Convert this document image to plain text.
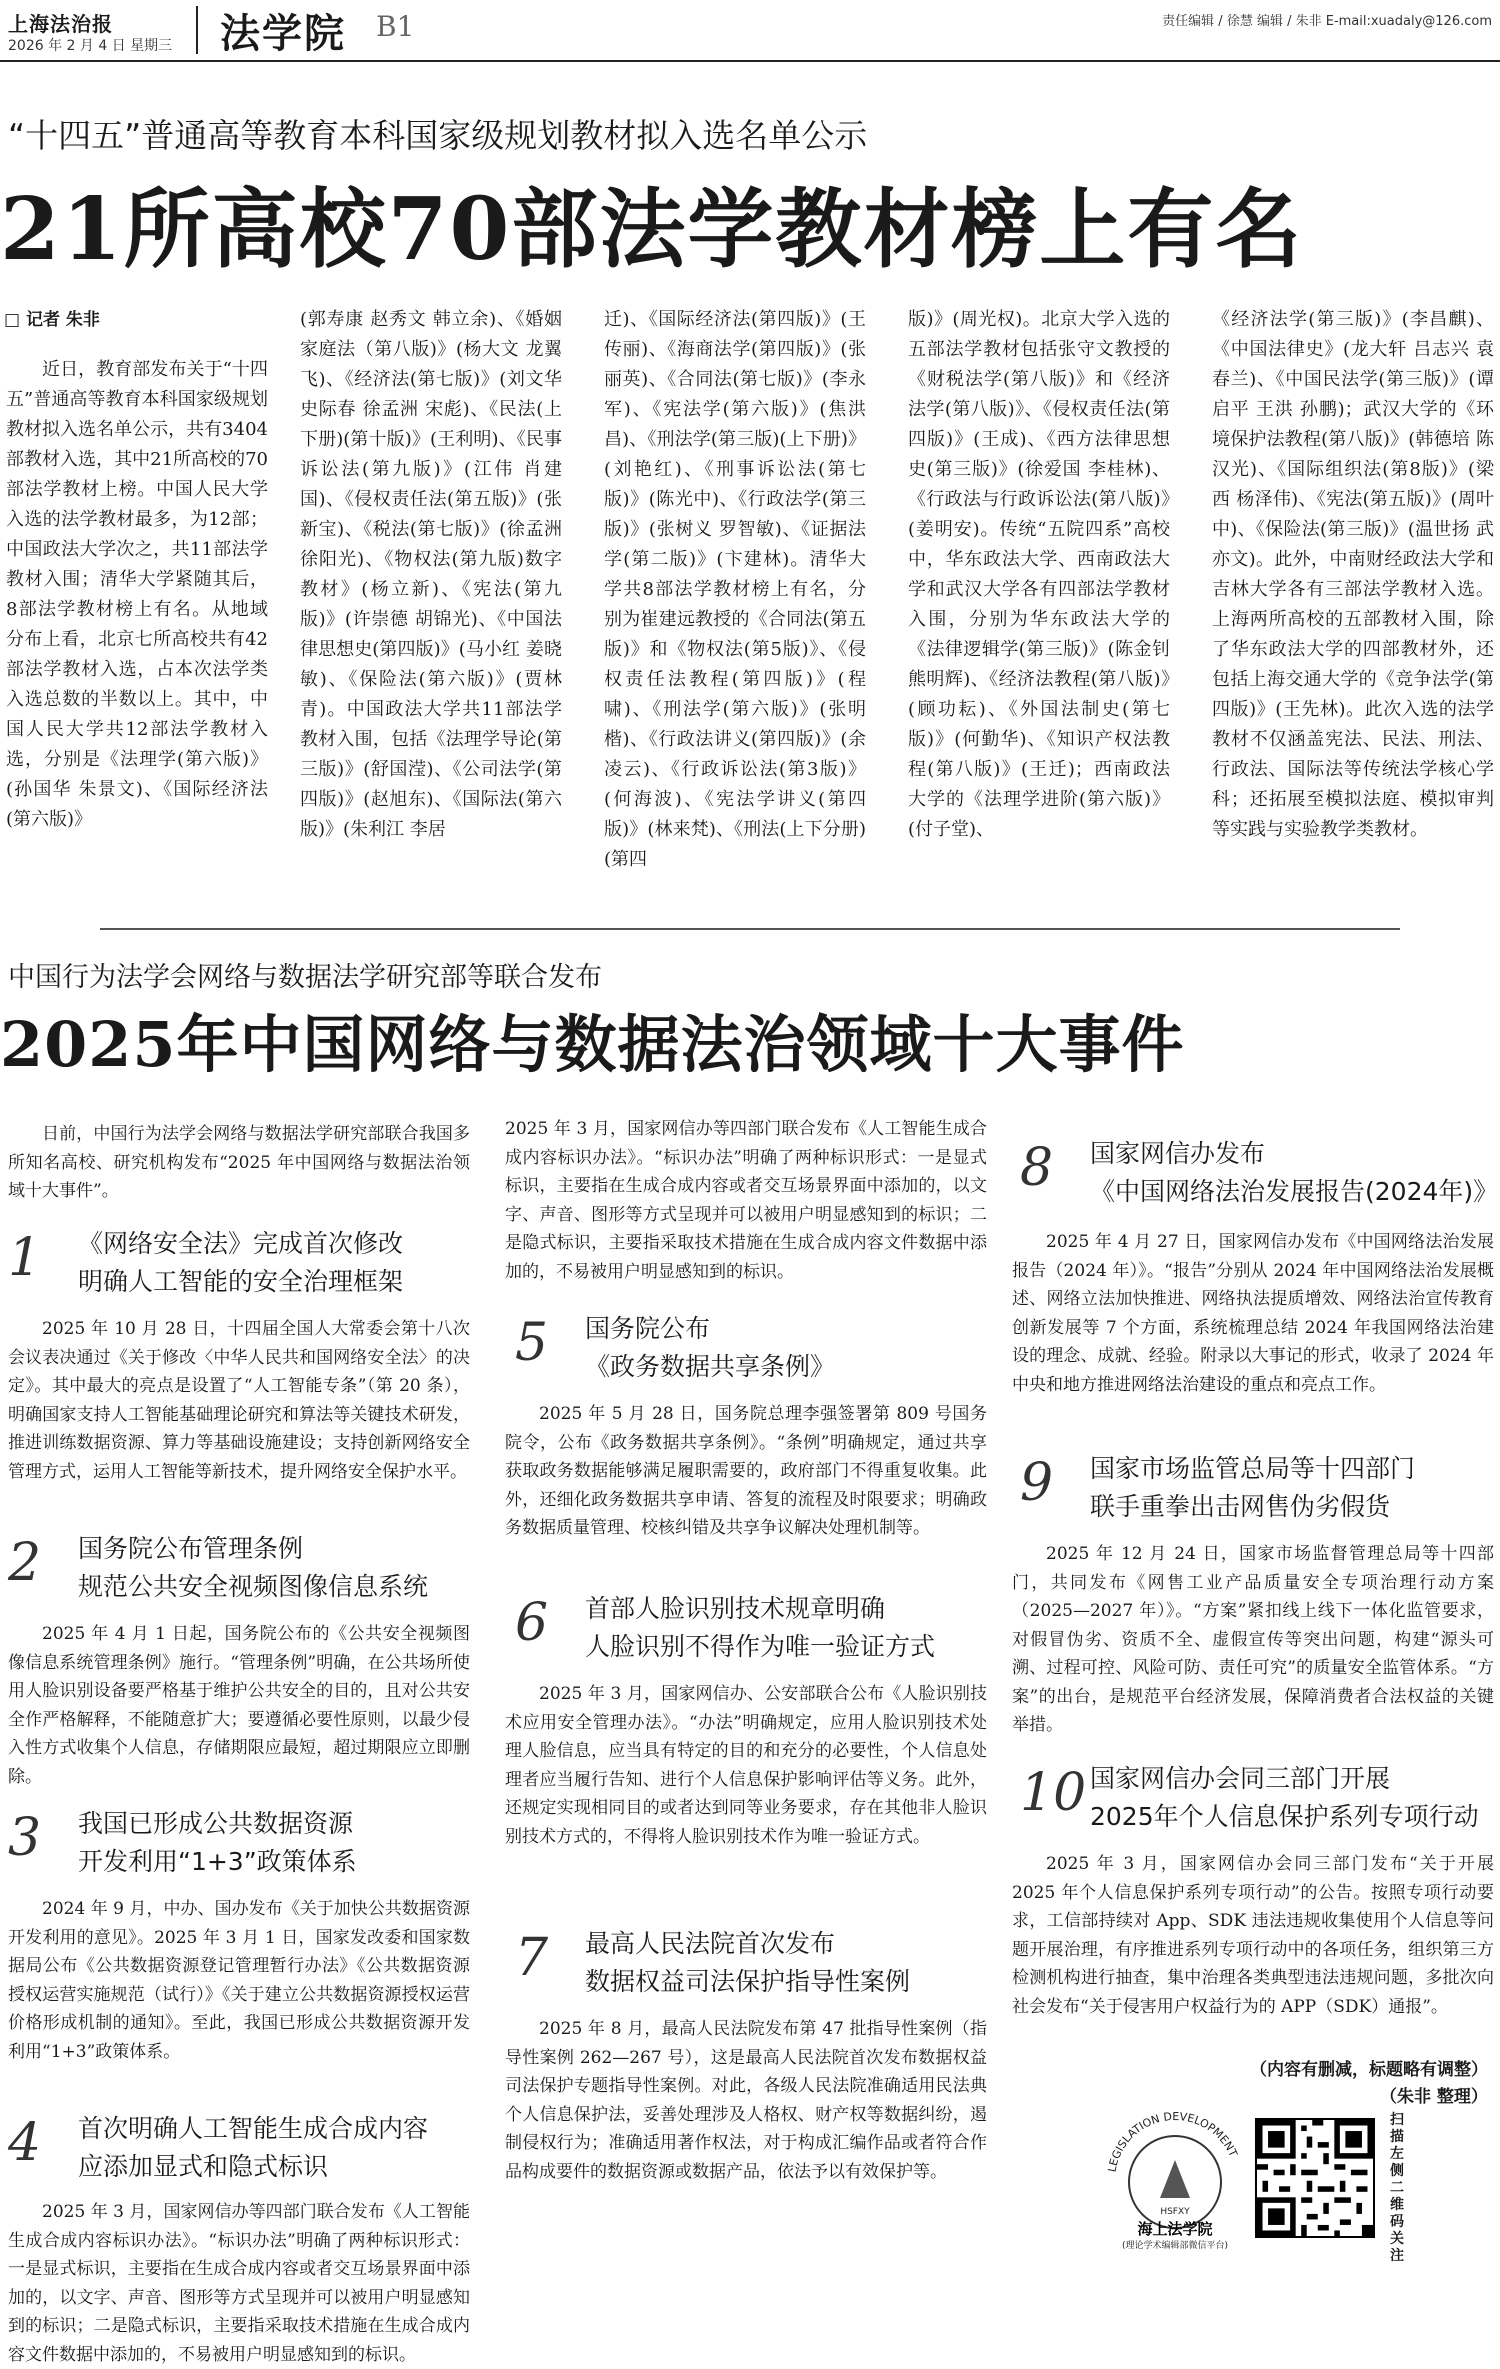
上海法治报
2026 年 2 月 4 日 星期三 法学院 B1	责任编辑 / 徐慧 编辑 / 朱非 E-mail:xuadaly@126.com
“十四五”普通高等教育本科国家级规划教材拟入选名单公示
21所高校70部法学教材榜上有名
□ 记者 朱非

近日，教育部发布关于“十四五”普通高等教育本科国家级规划教材拟入选名单公示，共有3404部教材入选，其中21所高校的70部法学教材上榜。中国人民大学入选的法学教材最多，为12部；中国政法大学次之，共11部法学教材入围；清华大学紧随其后，8部法学教材榜上有名。从地域分布上看，北京七所高校共有42部法学教材入选，占本次法学类入选总数的半数以上。其中，中国人民大学共12部法学教材入选，分别是《法理学(第六版)》(孙国华 朱景文)、《国际经济法(第六版)》

(郭寿康 赵秀文 韩立余)、《婚姻家庭法（第八版)》(杨大文 龙翼飞)、《经济法(第七版)》(刘文华 史际春 徐孟洲 宋彪)、《民法(上下册)(第十版)》(王利明)、《民事诉讼法(第九版)》(江伟 肖建国)、《侵权责任法(第五版)》(张新宝)、《税法(第七版)》(徐孟洲 徐阳光)、《物权法(第九版)数字教材》(杨立新)、《宪法(第九版)》(许崇德 胡锦光)、《中国法律思想史(第四版)》(马小红 姜晓敏)、《保险法(第六版)》(贾林青)。中国政法大学共11部法学教材入围，包括《法理学导论(第三版)》(舒国滢)、《公司法学(第四版)》(赵旭东)、《国际法(第六版)》(朱利江 李居

迁)、《国际经济法(第四版)》(王传丽)、《海商法学(第四版)》(张丽英)、《合同法(第七版)》(李永军)、《宪法学(第六版)》(焦洪昌)、《刑法学(第三版)(上下册)》(刘艳红)、《刑事诉讼法(第七版)》(陈光中)、《行政法学(第三版)》(张树义 罗智敏)、《证据法学(第二版)》(卞建林)。清华大学共8部法学教材榜上有名，分别为崔建远教授的《合同法(第五版)》和《物权法(第5版)》、《侵权责任法教程(第四版)》(程啸)、《刑法学(第六版)》(张明楷)、《行政法讲义(第四版)》(余凌云)、《行政诉讼法(第3版)》(何海波)、《宪法学讲义(第四版)》(林来梵)、《刑法(上下分册)(第四

版)》(周光权)。北京大学入选的五部法学教材包括张守文教授的《财税法学(第八版)》和《经济法学(第八版)》、《侵权责任法(第四版)》(王成)、《西方法律思想史(第三版)》(徐爱国 李桂林)、《行政法与行政诉讼法(第八版)》(姜明安)。传统“五院四系”高校中，华东政法大学、西南政法大学和武汉大学各有四部法学教材入围，分别为华东政法大学的《法律逻辑学(第三版)》(陈金钊 熊明辉)、《经济法教程(第八版)》(顾功耘)、《外国法制史(第七版)》(何勤华)、《知识产权法教程(第八版)》(王迁)；西南政法大学的《法理学进阶(第六版)》(付子堂)、

《经济法学(第三版)》(李昌麒)、《中国法律史》(龙大轩 吕志兴 袁春兰)、《中国民法学(第三版)》(谭启平 王洪 孙鹏)；武汉大学的《环境保护法教程(第八版)》(韩德培 陈汉光)、《国际组织法(第8版)》(梁西 杨泽伟)、《宪法(第五版)》(周叶中)、《保险法(第三版)》(温世扬 武亦文)。此外，中南财经政法大学和吉林大学各有三部法学教材入选。上海两所高校的五部教材入围，除了华东政法大学的四部教材外，还包括上海交通大学的《竞争法学(第四版)》(王先林)。此次入选的法学教材不仅涵盖宪法、民法、刑法、行政法、国际法等传统法学核心学科；还拓展至模拟法庭、模拟审判等实践与实验教学类教材。

中国行为法学会网络与数据法学研究部等联合发布
2025年中国网络与数据法治领域十大事件

日前，中国行为法学会网络与数据法学研究部联合我国多所知名高校、研究机构发布“2025 年中国网络与数据法治领域十大事件”。

1 《网络安全法》完成首次修改
明确人工智能的安全治理框架

2025 年 10 月 28 日，十四届全国人大常委会第十八次会议表决通过《关于修改〈中华人民共和国网络安全法〉的决定》。其中最大的亮点是设置了“人工智能专条”（第 20 条），明确国家支持人工智能基础理论研究和算法等关键技术研发，推进训练数据资源、算力等基础设施建设；支持创新网络安全管理方式，运用人工智能等新技术，提升网络安全保护水平。

2 国务院公布管理条例
规范公共安全视频图像信息系统

2025 年 4 月 1 日起，国务院公布的《公共安全视频图像信息系统管理条例》施行。“管理条例”明确，在公共场所使用人脸识别设备要严格基于维护公共安全的目的，且对公共安全作严格解释，不能随意扩大；要遵循必要性原则，以最少侵入性方式收集个人信息，存储期限应最短，超过期限应立即删除。

3 我国已形成公共数据资源
开发利用“1+3”政策体系

2024 年 9 月，中办、国办发布《关于加快公共数据资源开发利用的意见》。2025 年 3 月 1 日，国家发改委和国家数据局公布《公共数据资源登记管理暂行办法》《公共数据资源授权运营实施规范（试行）》《关于建立公共数据资源授权运营价格形成机制的通知》。至此，我国已形成公共数据资源开发利用“1+3”政策体系。

4 首次明确人工智能生成合成内容
应添加显式和隐式标识

2025 年 3 月，国家网信办等四部门联合发布《人工智能生成合成内容标识办法》。“标识办法”明确了两种标识形式：一是显式标识，主要指在生成合成内容或者交互场景界面中添加的，以文字、声音、图形等方式呈现并可以被用户明显感知到的标识；二是隐式标识，主要指采取技术措施在生成合成内容文件数据中添加的，不易被用户明显感知到的标识。

2025 年 3 月，国家网信办等四部门联合发布《人工智能生成合成内容标识办法》。“标识办法”明确了两种标识形式：一是显式标识，主要指在生成合成内容或者交互场景界面中添加的，以文字、声音、图形等方式呈现并可以被用户明显感知到的标识；二是隐式标识，主要指采取技术措施在生成合成内容文件数据中添加的，不易被用户明显感知到的标识。

5 国务院公布
《政务数据共享条例》

2025 年 5 月 28 日，国务院总理李强签署第 809 号国务院令，公布《政务数据共享条例》。“条例”明确规定，通过共享获取政务数据能够满足履职需要的，政府部门不得重复收集。此外，还细化政务数据共享申请、答复的流程及时限要求；明确政务数据质量管理、校核纠错及共享争议解决处理机制等。

6 首部人脸识别技术规章明确
人脸识别不得作为唯一验证方式

2025 年 3 月，国家网信办、公安部联合公布《人脸识别技术应用安全管理办法》。“办法”明确规定，应用人脸识别技术处理人脸信息，应当具有特定的目的和充分的必要性，个人信息处理者应当履行告知、进行个人信息保护影响评估等义务。此外，还规定实现相同目的或者达到同等业务要求，存在其他非人脸识别技术方式的，不得将人脸识别技术作为唯一验证方式。

7 最高人民法院首次发布
数据权益司法保护指导性案例

2025 年 8 月，最高人民法院发布第 47 批指导性案例（指导性案例 262—267 号），这是最高人民法院首次发布数据权益司法保护专题指导性案例。对此，各级人民法院准确适用民法典个人信息保护法，妥善处理涉及人格权、财产权等数据纠纷，遏制侵权行为；准确适用著作权法，对于构成汇编作品或者符合作品构成要件的数据资源或数据产品，依法予以有效保护等。

8 国家网信办发布
《中国网络法治发展报告(2024年)》

2025 年 4 月 27 日，国家网信办发布《中国网络法治发展报告（2024 年）》。“报告”分别从 2024 年中国网络法治发展概述、网络立法加快推进、网络执法提质增效、网络法治宣传教育创新发展等 7 个方面，系统梳理总结 2024 年我国网络法治建设的理念、成就、经验。附录以大事记的形式，收录了 2024 年中央和地方推进网络法治建设的重点和亮点工作。

9 国家市场监管总局等十四部门
联手重拳出击网售伪劣假货

2025 年 12 月 24 日，国家市场监督管理总局等十四部门，共同发布《网售工业产品质量安全专项治理行动方案（2025—2027 年）》。“方案”紧扣线上线下一体化监管要求，对假冒伪劣、资质不全、虚假宣传等突出问题，构建“源头可溯、过程可控、风险可防、责任可究”的质量安全监管体系。“方案”的出台，是规范平台经济发展，保障消费者合法权益的关键举措。

10 国家网信办会同三部门开展
2025年个人信息保护系列专项行动

2025 年 3 月，国家网信办会同三部门发布“关于开展 2025 年个人信息保护系列专项行动”的公告。按照专项行动要求，工信部持续对 App、SDK 违法违规收集使用个人信息等问题开展治理，有序推进系列专项行动中的各项任务，组织第三方检测机构进行抽查，集中治理各类典型违法违规问题，多批次向社会发布“关于侵害用户权益行为的 APP（SDK）通报”。

（内容有删减，标题略有调整）
（朱非 整理）
LEGISLATION DEVELOPMENT
HSFXY
海上法学院
(理论学术编辑部微信平台)
扫描左侧二维码关注
